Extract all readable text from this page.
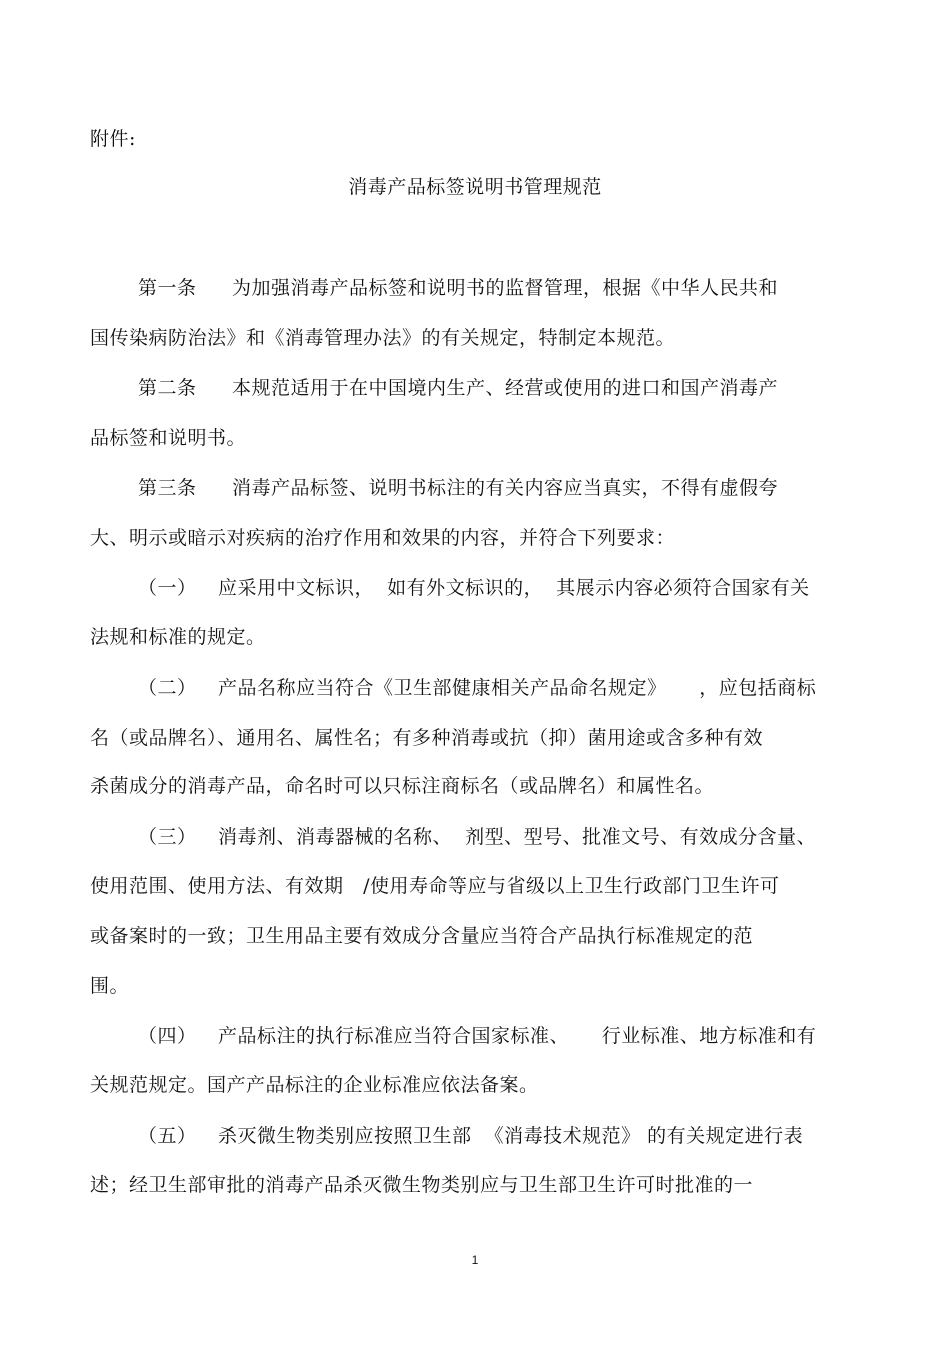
附件:
消毒产品标签说明书管理规范
第一条 为加强消毒产品标签和说明书的监督管理，根据《中华人民共和
国传染病防治法》和《消毒管理办法》的有关规定，特制定本规范。
第二条 本规范适用于在中国境内生产、经营或使用的进口和国产消毒产
品标签和说明书。
第三条 消毒产品标签、说明书标注的有关内容应当真实，不得有虚假夸
大、明示或暗示对疾病的治疗作用和效果的内容，并符合下列要求：
（一） 应采用中文标识，  如有外文标识的，  其展示内容必须符合国家有关
法规和标准的规定。
（二） 产品名称应当符合《卫生部健康相关产品命名规定》     ，应包括商标
名（或品牌名）、通用名、属性名；有多种消毒或抗（抑）菌用途或含多种有效
杀菌成分的消毒产品，命名时可以只标注商标名（或品牌名）和属性名。
（三） 消毒剂、消毒器械的名称、  剂型、型号、批准文号、有效成分含量、
使用范围、使用方法、有效期   /使用寿命等应与省级以上卫生行政部门卫生许可
或备案时的一致；卫生用品主要有效成分含量应当符合产品执行标准规定的范
围。
（四） 产品标注的执行标准应当符合国家标准、     行业标准、地方标准和有
关规范规定。国产产品标注的企业标准应依法备案。
（五） 杀灭微生物类别应按照卫生部  《消毒技术规范》 的有关规定进行表
述；经卫生部审批的消毒产品杀灭微生物类别应与卫生部卫生许可时批准的一
1
